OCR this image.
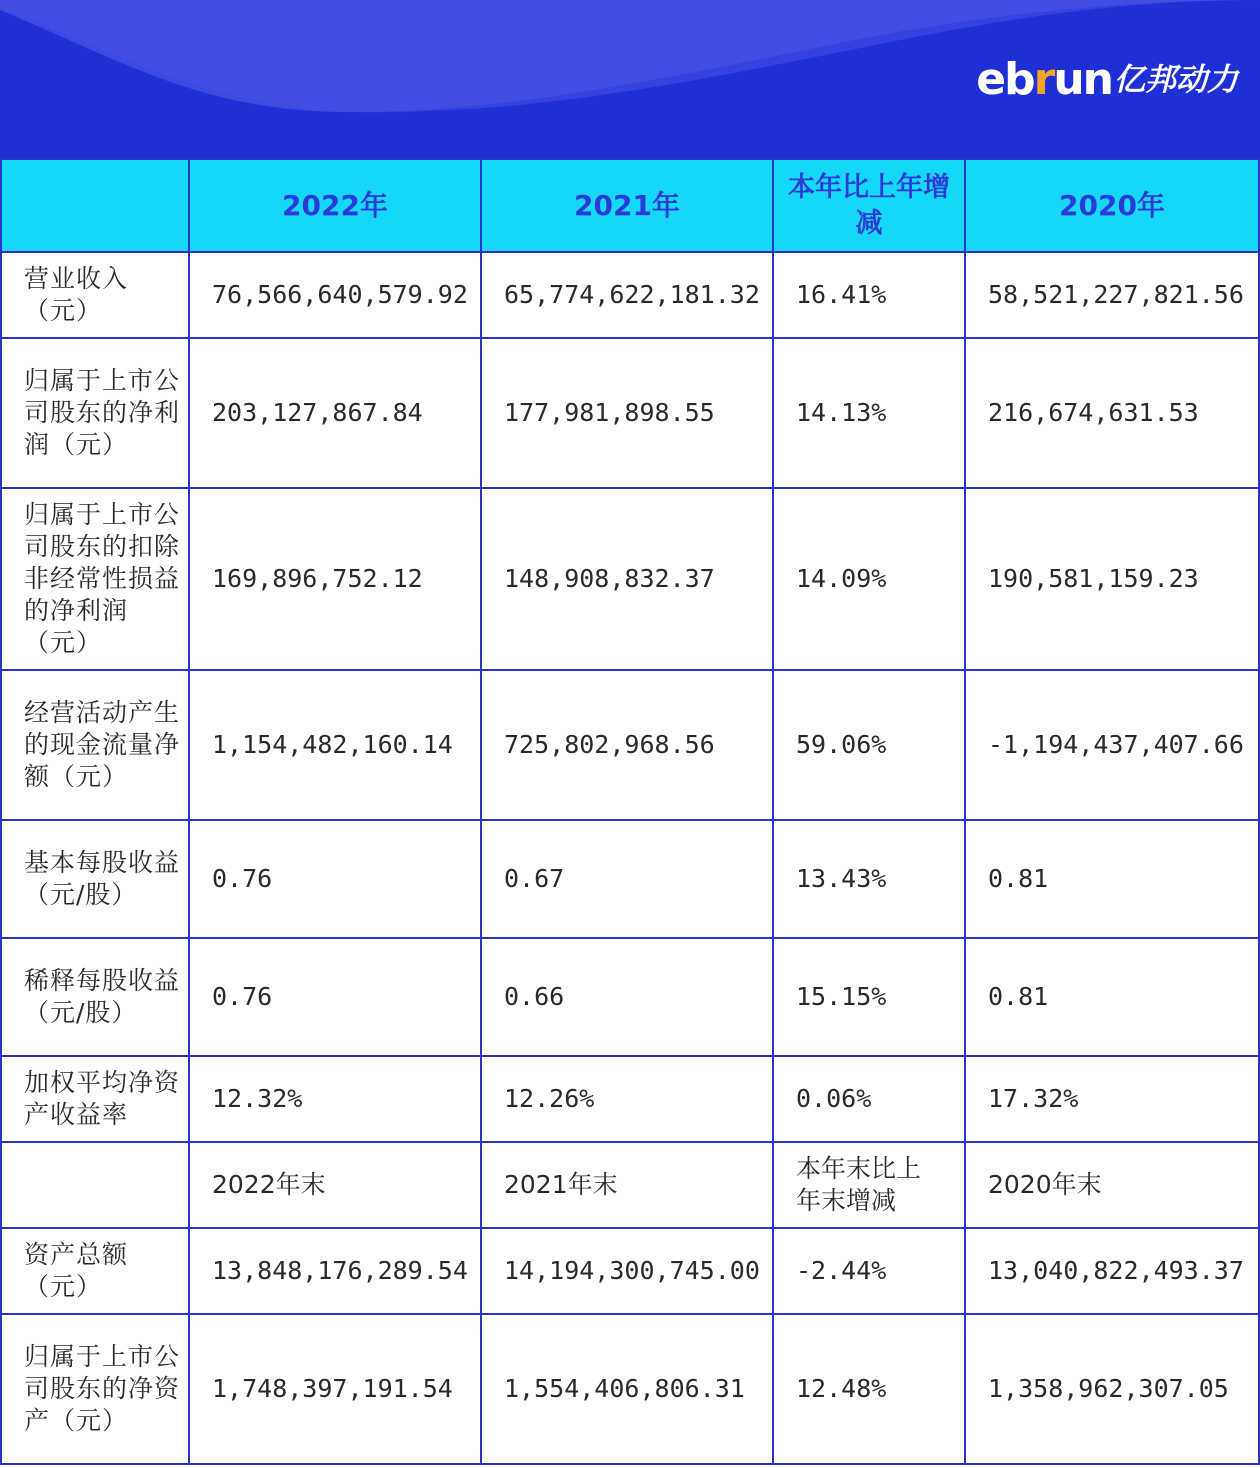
ebrun 亿邦动力
	2022年	2021年	本年比上年增减	2020年
营业收入（元）	76,566,640,579.92	65,774,622,181.32	16.41%	58,521,227,821.56
归属于上市公司股东的净利润（元）	203,127,867.84	177,981,898.55	14.13%	216,674,631.53
归属于上市公司股东的扣除非经常性损益的净利润（元）	169,896,752.12	148,908,832.37	14.09%	190,581,159.23
经营活动产生的现金流量净额（元）	1,154,482,160.14	725,802,968.56	59.06%	-1,194,437,407.66
基本每股收益（元/股）	0.76	0.67	13.43%	0.81
稀释每股收益（元/股）	0.76	0.66	15.15%	0.81
加权平均净资产收益率	12.32%	12.26%	0.06%	17.32%
	2022年末	2021年末	本年末比上年末增减	2020年末
资产总额（元）	13,848,176,289.54	14,194,300,745.00	-2.44%	13,040,822,493.37
归属于上市公司股东的净资产（元）	1,748,397,191.54	1,554,406,806.31	12.48%	1,358,962,307.05
